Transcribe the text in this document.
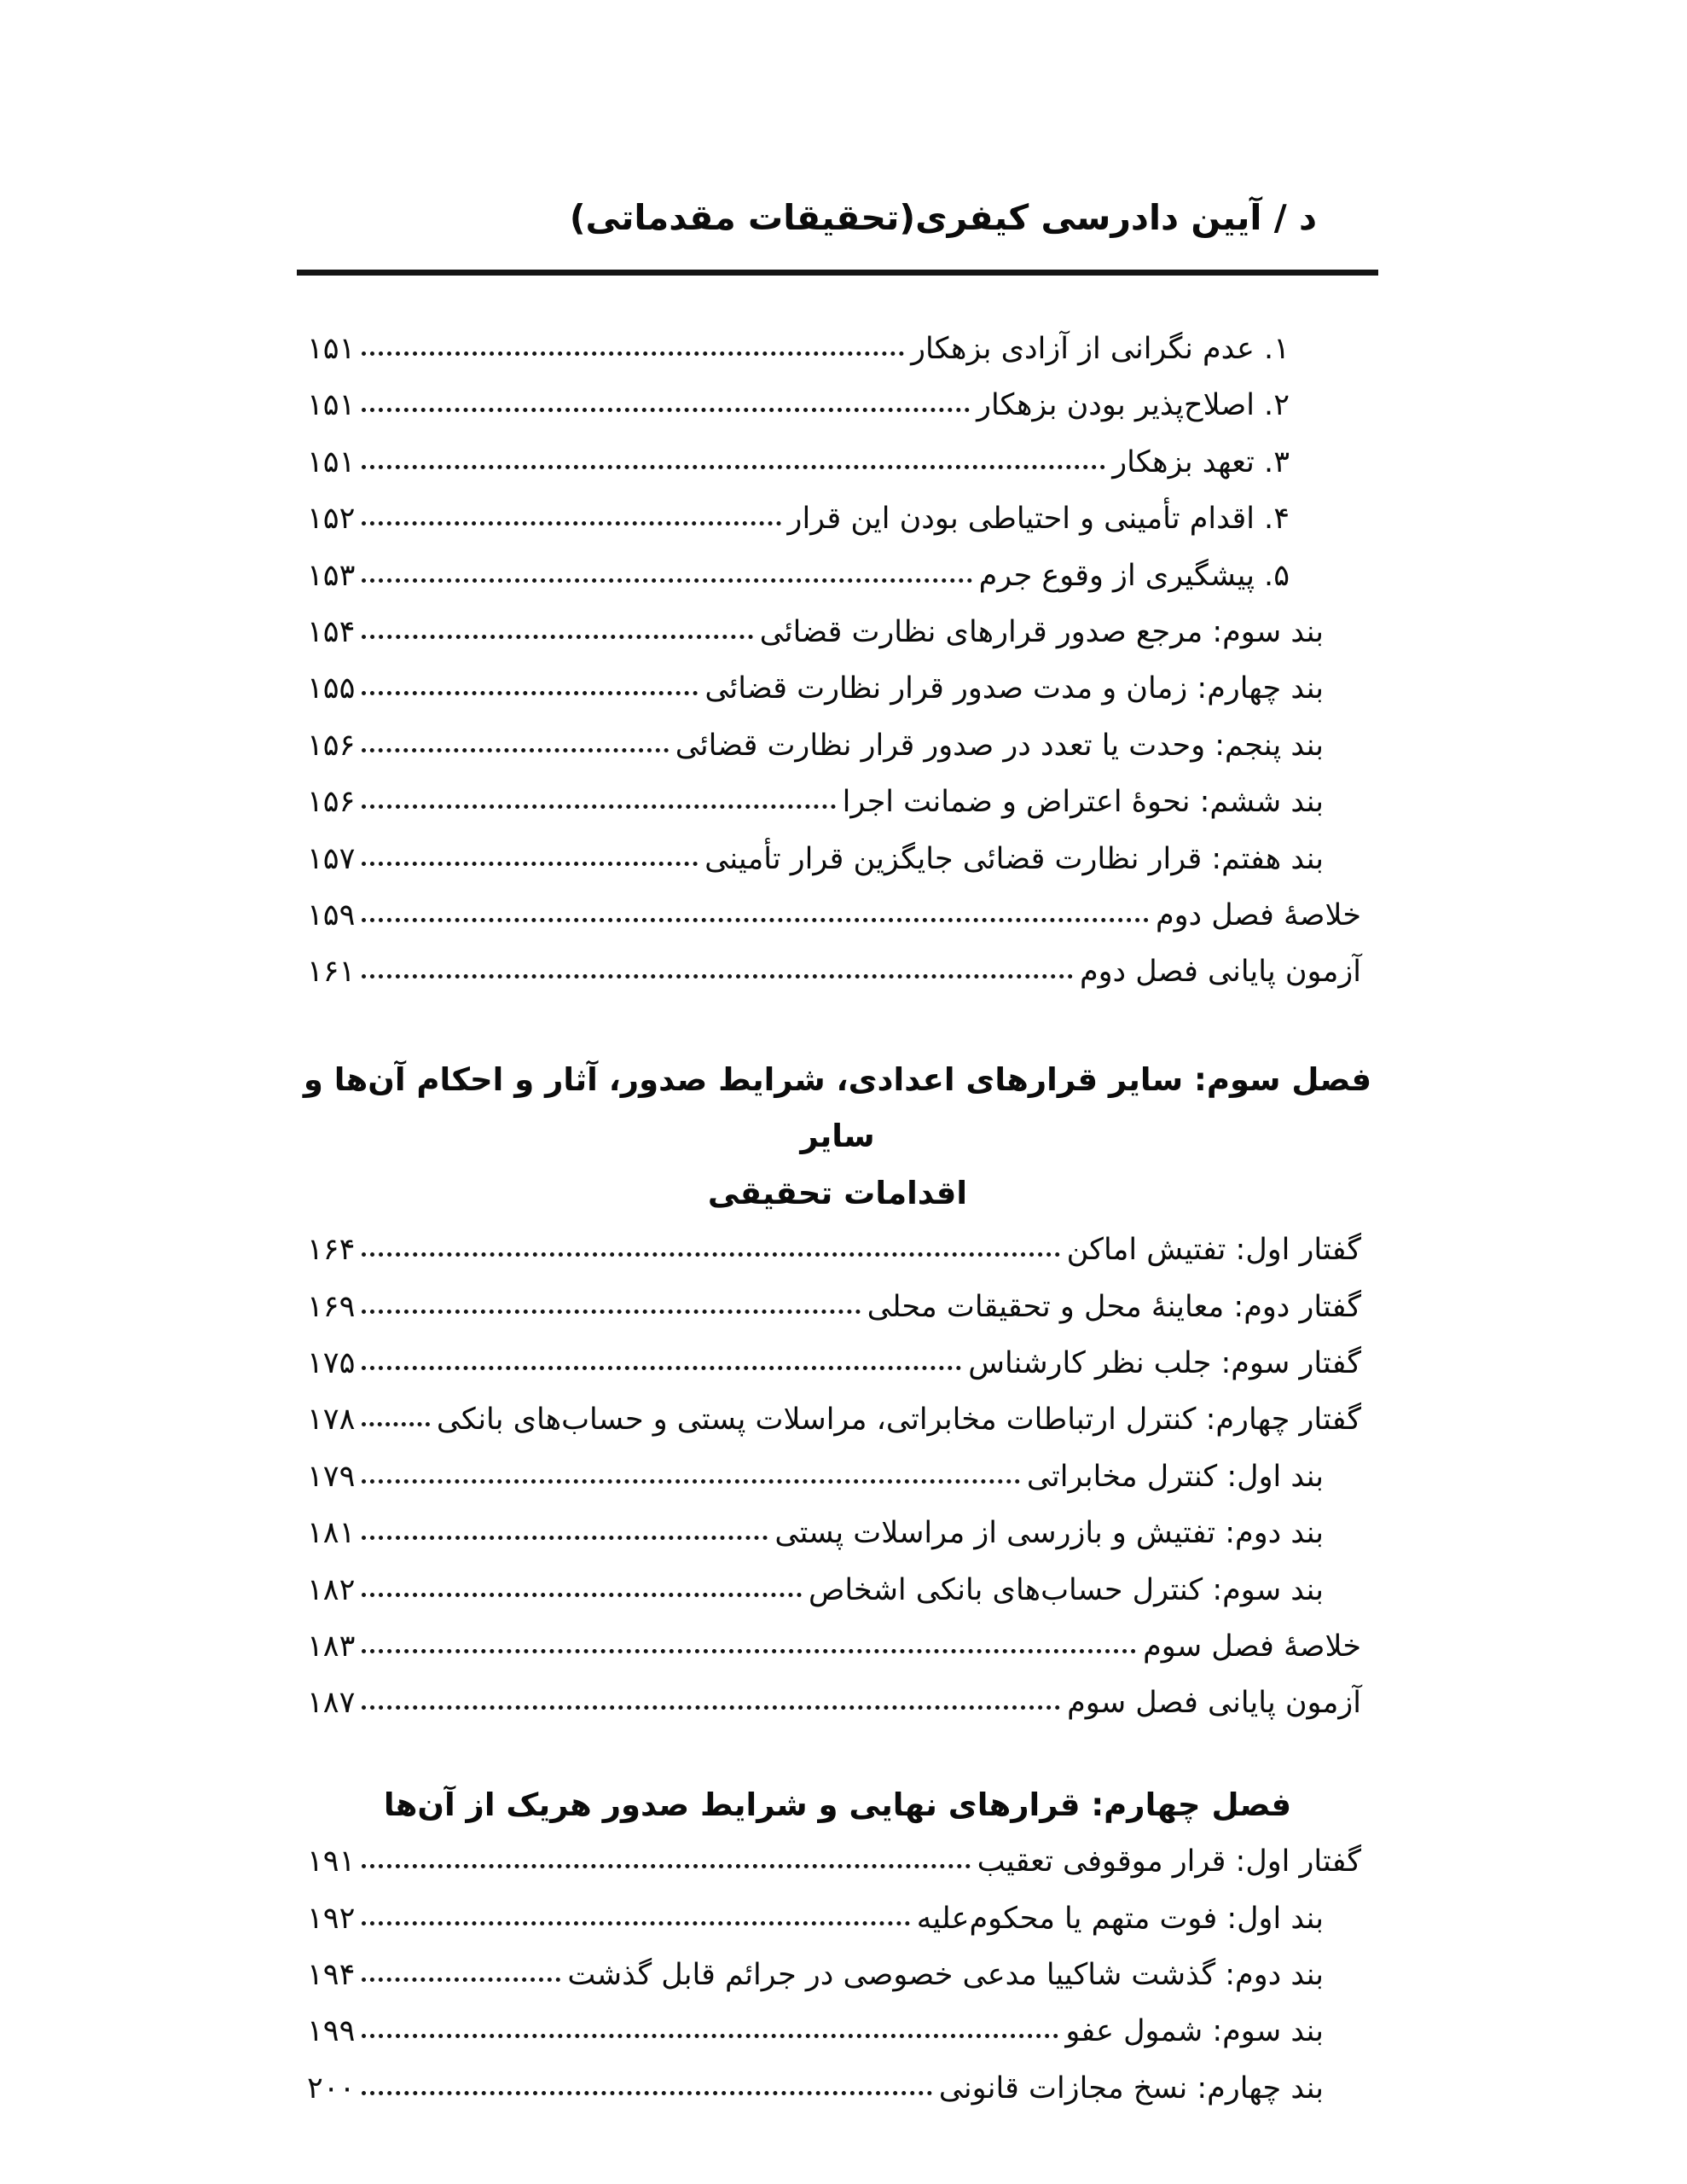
د / آیین دادرسی کیفری(تحقیقات مقدماتی)
۱. عدم نگرانی از آزادی بزهکار
۱۵۱
۲. اصلاح‌پذیر بودن بزهکار
۱۵۱
۳. تعهد بزهکار
۱۵۱
۴. اقدام تأمینی و احتیاطی بودن این قرار
۱۵۲
۵. پیشگیری از وقوع جرم
۱۵۳
بند سوم: مرجع صدور قرارهای نظارت قضائی
۱۵۴
بند چهارم: زمان و مدت صدور قرار نظارت قضائی
۱۵۵
بند پنجم: وحدت یا تعدد در صدور قرار نظارت قضائی
۱۵۶
بند ششم: نحوهٔ اعتراض و ضمانت اجرا
۱۵۶
بند هفتم: قرار نظارت قضائی جایگزین قرار تأمینی
۱۵۷
خلاصهٔ فصل دوم
۱۵۹
آزمون پایانی فصل دوم
۱۶۱
فصل سوم: سایر قرارهای اعدادی، شرایط صدور، آثار و احکام آن‌ها و سایر
اقدامات تحقیقی
گفتار اول: تفتیش اماکن
۱۶۴
گفتار دوم: معاینهٔ محل و تحقیقات محلی
۱۶۹
گفتار سوم: جلب نظر کارشناس
۱۷۵
گفتار چهارم: کنترل ارتباطات مخابراتی، مراسلات پستی و حساب‌های بانکی
۱۷۸
بند اول: کنترل مخابراتی
۱۷۹
بند دوم: تفتیش و بازرسی از مراسلات پستی
۱۸۱
بند سوم: کنترل حساب‌های بانکی اشخاص
۱۸۲
خلاصهٔ فصل سوم
۱۸۳
آزمون پایانی فصل سوم
۱۸۷
فصل چهارم: قرارهای نهایی و شرایط صدور هریک از آن‌ها
گفتار اول: قرار موقوفی تعقیب
۱۹۱
بند اول: فوت متهم یا محکوم‌علیه
۱۹۲
بند دوم: گذشت شاکییا مدعی خصوصی در جرائم قابل گذشت
۱۹۴
بند سوم: شمول عفو
۱۹۹
بند چهارم: نسخ مجازات قانونی
۲۰۰
